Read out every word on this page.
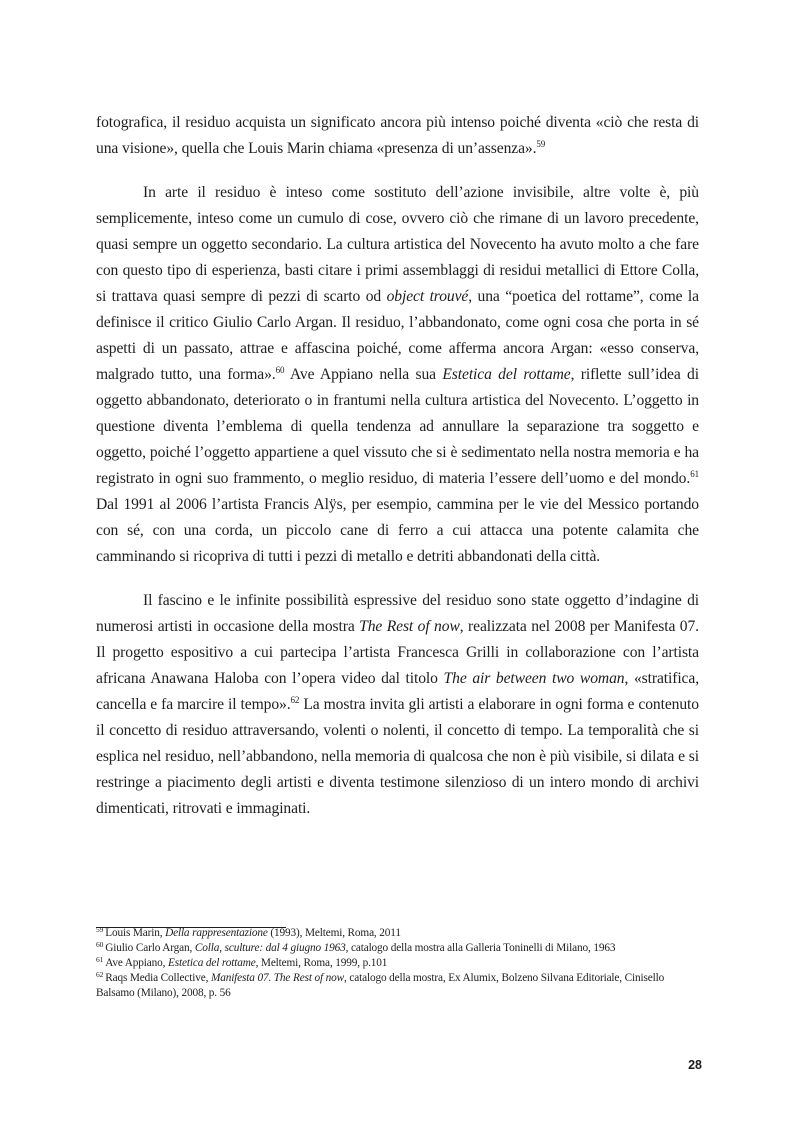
fotografica, il residuo acquista un significato ancora più intenso poiché diventa «ciò che resta di una visione», quella che Louis Marin chiama «presenza di un’assenza».$^{59}$

In arte il residuo è inteso come sostituto dell’azione invisibile, altre volte è, più semplicemente, inteso come un cumulo di cose, ovvero ciò che rimane di un lavoro precedente, quasi sempre un oggetto secondario. La cultura artistica del Novecento ha avuto molto a che fare con questo tipo di esperienza, basti citare i primi assemblaggi di residui metallici di Ettore Colla, si trattava quasi sempre di pezzi di scarto od object trouvé, una “poetica del rottame”, come la definisce il critico Giulio Carlo Argan. Il residuo, l’abbandonato, come ogni cosa che porta in sé aspetti di un passato, attrae e affascina poiché, come afferma ancora Argan: «esso conserva, malgrado tutto, una forma».$^{60}$ Ave Appiano nella sua Estetica del rottame, riflette sull’idea di oggetto abbandonato, deteriorato o in frantumi nella cultura artistica del Novecento. L’oggetto in questione diventa l’emblema di quella tendenza ad annullare la separazione tra soggetto e oggetto, poiché l’oggetto appartiene a quel vissuto che si è sedimentato nella nostra memoria e ha registrato in ogni suo frammento, o meglio residuo, di materia l’essere dell’uomo e del mondo.$^{61}$ Dal 1991 al 2006 l’artista Francis Alÿs, per esempio, cammina per le vie del Messico portando con sé, con una corda, un piccolo cane di ferro a cui attacca una potente calamita che camminando si ricopriva di tutti i pezzi di metallo e detriti abbandonati della città.

Il fascino e le infinite possibilità espressive del residuo sono state oggetto d’indagine di numerosi artisti in occasione della mostra The Rest of now, realizzata nel 2008 per Manifesta 07. Il progetto espositivo a cui partecipa l’artista Francesca Grilli in collaborazione con l’artista africana Anawana Haloba con l’opera video dal titolo The air between two woman, «stratifica, cancella e fa marcire il tempo».$^{62}$ La mostra invita gli artisti a elaborare in ogni forma e contenuto il concetto di residuo attraversando, volenti o nolenti, il concetto di tempo. La temporalità che si esplica nel residuo, nell’abbandono, nella memoria di qualcosa che non è più visibile, si dilata e si restringe a piacimento degli artisti e diventa testimone silenzioso di un intero mondo di archivi dimenticati, ritrovati e immaginati.

$^{59}$ Louis Marin, Della rappresentazione (1993), Meltemi, Roma, 2011

$^{60}$ Giulio Carlo Argan, Colla, sculture: dal 4 giugno 1963, catalogo della mostra alla Galleria Toninelli di Milano, 1963

$^{61}$ Ave Appiano, Estetica del rottame, Meltemi, Roma, 1999, p.101

$^{62}$ Raqs Media Collective, Manifesta 07. The Rest of now, catalogo della mostra, Ex Alumix, Bolzeno Silvana Editoriale, Cinisello Balsamo (Milano), 2008, p. 56

28
